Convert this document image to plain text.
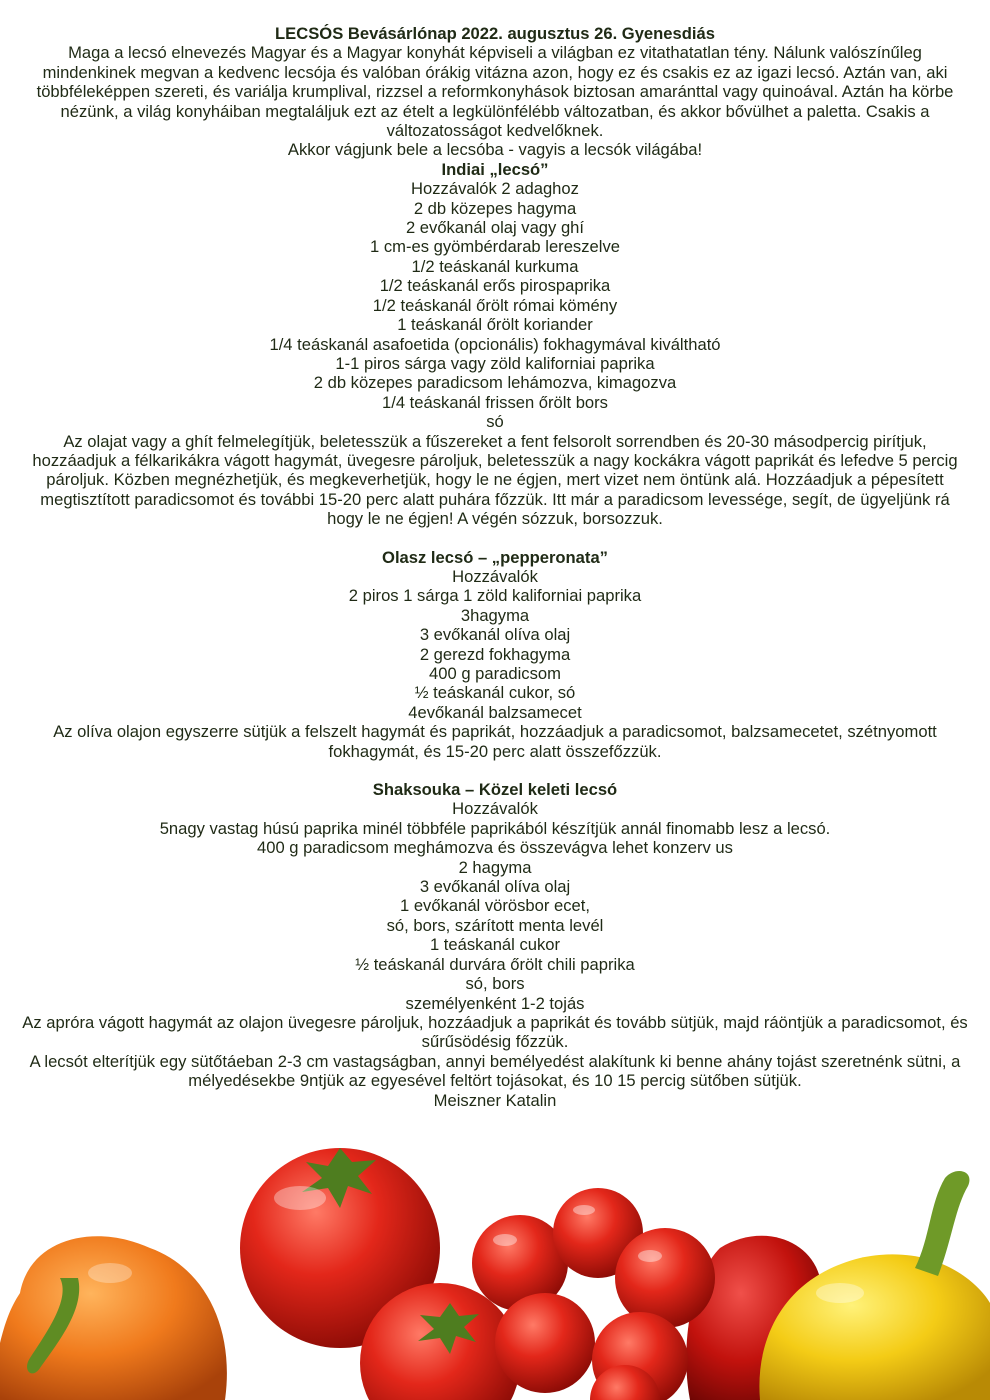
LECSÓS Bevásárlónap 2022. augusztus 26. Gyenesdiás

Maga a lecsó elnevezés Magyar és a Magyar konyhát képviseli a világban ez vitathatatlan tény. Nálunk valószínűleg mindenkinek megvan a kedvenc lecsója és valóban órákig vitázna azon, hogy ez és csakis ez az igazi lecsó. Aztán van, aki többféleképpen szereti, és variálja krumplival, rizzsel a reformkonyhások biztosan amaránttal vagy quinoával. Aztán ha körbe nézünk, a világ konyháiban megtaláljuk ezt az ételt a legkülönfélébb változatban, és akkor bővülhet a paletta. Csakis a változatosságot kedvelőknek.

Akkor vágjunk bele a lecsóba - vagyis a lecsók világába!

Indiai „lecsó”

Hozzávalók 2 adaghoz

2 db közepes hagyma

2 evőkanál olaj vagy ghí

1 cm-es gyömbérdarab lereszelve

1/2 teáskanál kurkuma

1/2 teáskanál erős pirospaprika

1/2 teáskanál őrölt római kömény

1 teáskanál őrölt koriander

1/4 teáskanál asafoetida (opcionális) fokhagymával kiváltható

1-1 piros sárga vagy zöld kaliforniai paprika

2 db közepes paradicsom lehámozva, kimagozva

1/4 teáskanál frissen őrölt bors

só

Az olajat vagy a ghít felmelegítjük, beletesszük a fűszereket a fent felsorolt sorrendben és 20-30 másodpercig pirítjuk, hozzáadjuk a félkarikákra vágott hagymát, üvegesre pároljuk, beletesszük a nagy kockákra vágott paprikát és lefedve 5 percig pároljuk. Közben megnézhetjük, és megkeverhetjük, hogy le ne égjen, mert vizet nem öntünk alá. Hozzáadjuk a pépesített megtisztított paradicsomot és további 15-20 perc alatt puhára főzzük. Itt már a paradicsom levessége, segít, de ügyeljünk rá hogy le ne égjen! A végén sózzuk, borsozzuk.

Olasz lecsó – „pepperonata”

Hozzávalók

2 piros 1 sárga 1 zöld kaliforniai paprika

3hagyma

3 evőkanál olíva olaj

2 gerezd fokhagyma

400 g paradicsom

½ teáskanál cukor, só

4evőkanál balzsamecet

Az olíva olajon egyszerre sütjük a felszelt hagymát és paprikát, hozzáadjuk a paradicsomot, balzsamecetet, szétnyomott fokhagymát, és 15-20 perc alatt összefőzzük.

Shaksouka – Közel keleti lecsó

Hozzávalók

5nagy vastag húsú paprika minél többféle paprikából készítjük annál finomabb lesz a lecsó.

400 g paradicsom meghámozva és összevágva lehet konzerv us

2 hagyma

3 evőkanál olíva olaj

1 evőkanál vörösbor ecet,

só, bors, szárított menta levél

1 teáskanál cukor

½ teáskanál durvára őrölt chili paprika

só, bors

személyenként 1-2 tojás

Az apróra vágott hagymát az olajon üvegesre pároljuk, hozzáadjuk a paprikát és tovább sütjük, majd ráöntjük a paradicsomot, és sűrűsödésig főzzük.

A lecsót elterítjük egy sütőtáeban 2-3 cm vastagságban, annyi bemélyedést alakítunk ki benne ahány tojást szeretnénk sütni, a mélyedésekbe 9ntjük az egyesével feltört tojásokat, és 10 15 percig sütőben sütjük.

Meiszner Katalin
